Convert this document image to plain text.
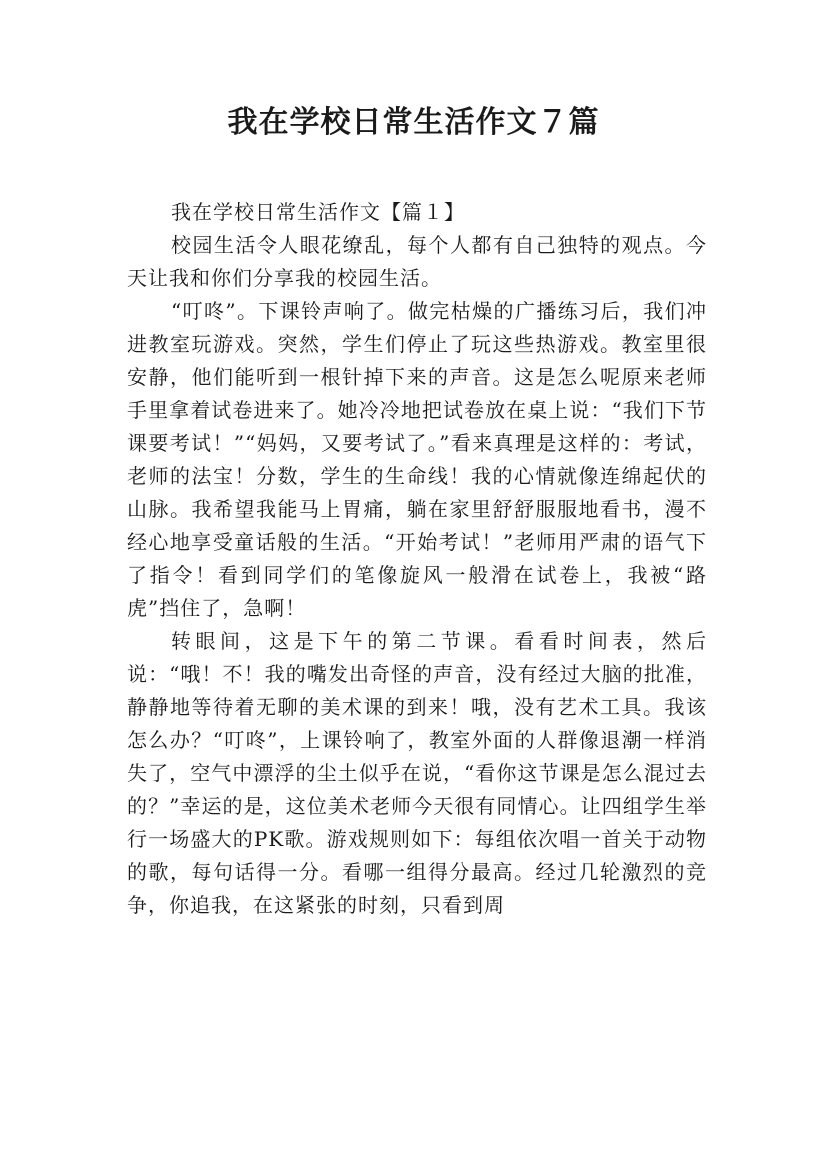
我在学校日常生活作文７篇

我在学校日常生活作文【篇１】

校园生活令人眼花缭乱，每个人都有自己独特的观点。今天让我和你们分享我的校园生活。

“叮咚”。下课铃声响了。做完枯燥的广播练习后，我们冲进教室玩游戏。突然，学生们停止了玩这些热游戏。教室里很安静，他们能听到一根针掉下来的声音。这是怎么呢原来老师手里拿着试卷进来了。她冷冷地把试卷放在桌上说：“我们下节课要考试！”“妈妈，又要考试了。”看来真理是这样的：考试，老师的法宝！分数，学生的生命线！我的心情就像连绵起伏的山脉。我希望我能马上胃痛，躺在家里舒舒服服地看书，漫不经心地享受童话般的生活。“开始考试！”老师用严肃的语气下了指令！看到同学们的笔像旋风一般滑在试卷上，我被“路虎”挡住了，急啊！

转眼间，这是下午的第二节课。看看时间表，然后说：“哦！不！我的嘴发出奇怪的声音，没有经过大脑的批准，静静地等待着无聊的美术课的到来！哦，没有艺术工具。我该怎么办？“叮咚”，上课铃响了，教室外面的人群像退潮一样消失了，空气中漂浮的尘土似乎在说，“看你这节课是怎么混过去的？”幸运的是，这位美术老师今天很有同情心。让四组学生举行一场盛大的PK歌。游戏规则如下：每组依次唱一首关于动物的歌，每句话得一分。看哪一组得分最高。经过几轮激烈的竞争，你追我，在这紧张的时刻，只看到周
